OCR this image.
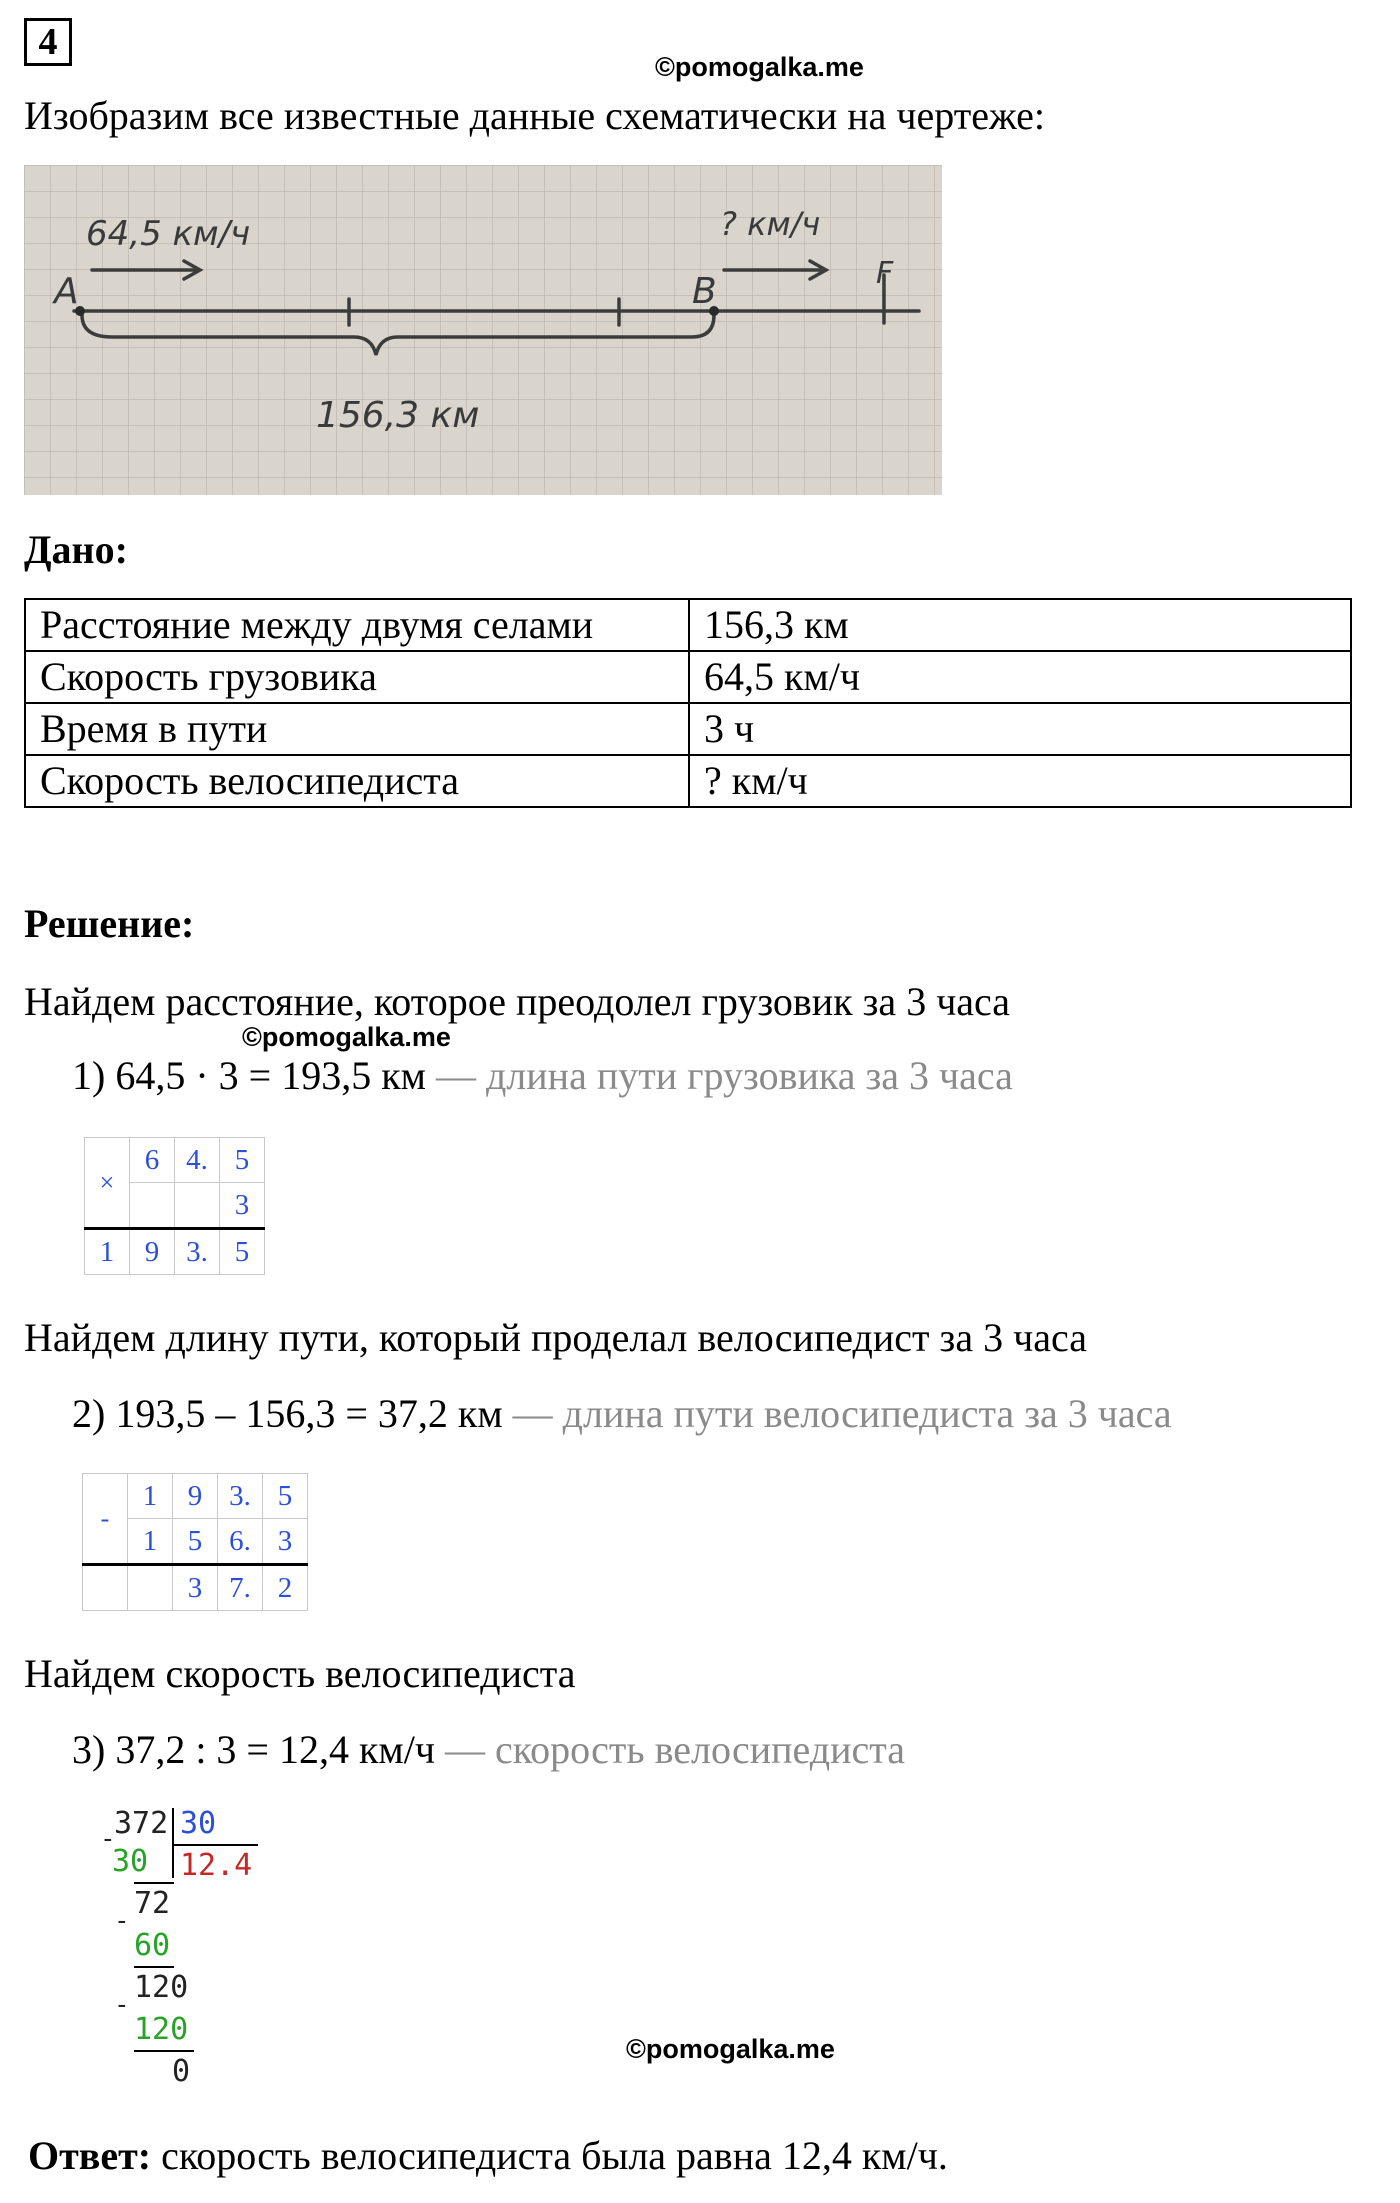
4
©pomogalka.me
Изобразим все известные данные схематически на чертеже:
A	B	F
64,5 км/ч	? км/ч
156,3 км
Дано:
Расстояние между двумя селами	156,3 км
Скорость грузовика	64,5 км/ч
Время в пути	3 ч
Скорость велосипедиста	? км/ч
Решение:
Найдем расстояние, которое преодолел грузовик за 3 часа
©pomogalka.me
1) 64,5 · 3 = 193,5 км — длина пути грузовика за 3 часа
×	6	4.	5
			3
1	9	3.	5
Найдем длину пути, который проделал велосипедист за 3 часа
2) 193,5 – 156,3 = 37,2 км — длина пути велосипедиста за 3 часа
-	1	9	3.	5
	1	5	6.	3
		3	7.	2
Найдем скорость велосипедиста
3) 37,2 : 3 = 12,4 км/ч — скорость велосипедиста
372 30
-
30 12.4
72
-
60
120
-
120
0
©pomogalka.me
Ответ: скорость велосипедиста была равна 12,4 км/ч.
